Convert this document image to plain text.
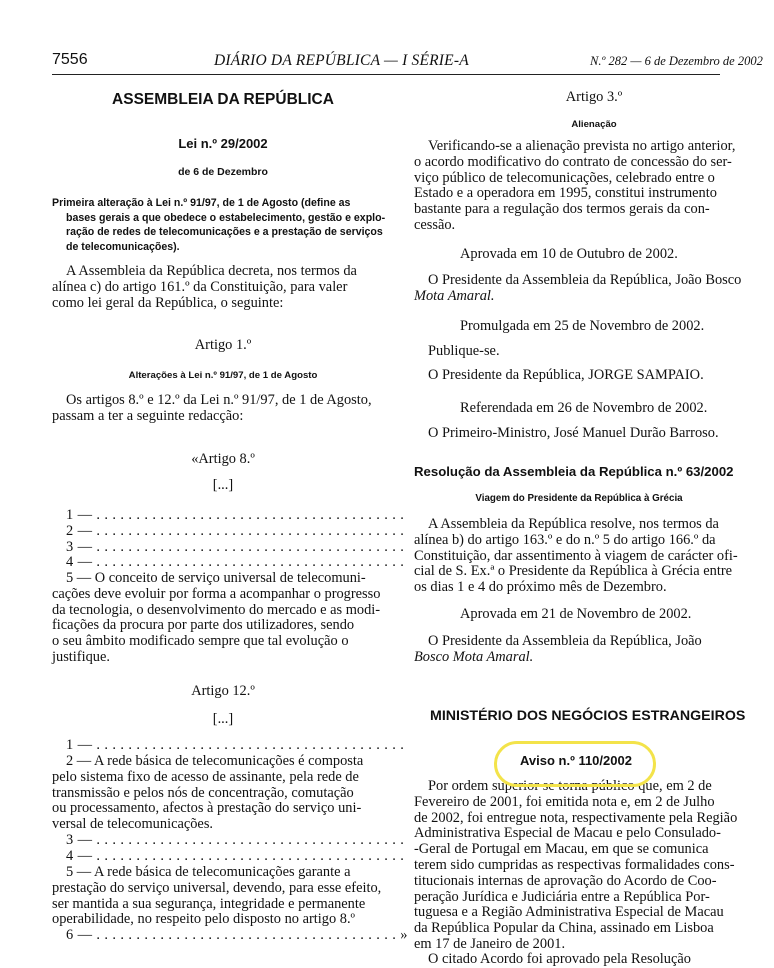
7556	DIÁRIO DA REPÚBLICA — I SÉRIE-A	N.º 282 — 6 de Dezembro de 2002
ASSEMBLEIA DA REPÚBLICA
Lei n.º 29/2002
de 6 de Dezembro
Primeira alteração à Lei n.º 91/97, de 1 de Agosto (define as
bases gerais a que obedece o estabelecimento, gestão e explo-
ração de redes de telecomunicações e a prestação de serviços
de telecomunicações).
A Assembleia da República decreta, nos termos da
alínea c) do artigo 161.º da Constituição, para valer
como lei geral da República, o seguinte:
Artigo 1.º
Alterações à Lei n.º 91/97, de 1 de Agosto
Os artigos 8.º e 12.º da Lei n.º 91/97, de 1 de Agosto,
passam a ter a seguinte redacção:
«Artigo 8.º
[...]
1 — . . . . . . . . . . . . . . . . . . . . . . . . . . . . . . . . . . . . . . .
2 — . . . . . . . . . . . . . . . . . . . . . . . . . . . . . . . . . . . . . . .
3 — . . . . . . . . . . . . . . . . . . . . . . . . . . . . . . . . . . . . . . .
4 — . . . . . . . . . . . . . . . . . . . . . . . . . . . . . . . . . . . . . . .
5 — O conceito de serviço universal de telecomuni-
cações deve evoluir por forma a acompanhar o progresso
da tecnologia, o desenvolvimento do mercado e as modi-
ficações da procura por parte dos utilizadores, sendo
o seu âmbito modificado sempre que tal evolução o
justifique.
Artigo 12.º
[...]
1 — . . . . . . . . . . . . . . . . . . . . . . . . . . . . . . . . . . . . . . .
2 — A rede básica de telecomunicações é composta
pelo sistema fixo de acesso de assinante, pela rede de
transmissão e pelos nós de concentração, comutação
ou processamento, afectos à prestação do serviço uni-
versal de telecomunicações.
3 — . . . . . . . . . . . . . . . . . . . . . . . . . . . . . . . . . . . . . . .
4 — . . . . . . . . . . . . . . . . . . . . . . . . . . . . . . . . . . . . . . .
5 — A rede básica de telecomunicações garante a
prestação do serviço universal, devendo, para esse efeito,
ser mantida a sua segurança, integridade e permanente
operabilidade, no respeito pelo disposto no artigo 8.º
6 — . . . . . . . . . . . . . . . . . . . . . . . . . . . . . . . . . . . . . . »
Artigo 3.º
Alienação
Verificando-se a alienação prevista no artigo anterior,
o acordo modificativo do contrato de concessão do ser-
viço público de telecomunicações, celebrado entre o
Estado e a operadora em 1995, constitui instrumento
bastante para a regulação dos termos gerais da con-
cessão.
Aprovada em 10 de Outubro de 2002.
O Presidente da Assembleia da República, João Bosco
Mota Amaral.
Promulgada em 25 de Novembro de 2002.
Publique-se.
O Presidente da República, JORGE SAMPAIO.
Referendada em 26 de Novembro de 2002.
O Primeiro-Ministro, José Manuel Durão Barroso.
Resolução da Assembleia da República n.º 63/2002
Viagem do Presidente da República à Grécia
A Assembleia da República resolve, nos termos da
alínea b) do artigo 163.º e do n.º 5 do artigo 166.º da
Constituição, dar assentimento à viagem de carácter ofi-
cial de S. Ex.ª o Presidente da República à Grécia entre
os dias 1 e 4 do próximo mês de Dezembro.
Aprovada em 21 de Novembro de 2002.
O Presidente da Assembleia da República, João
Bosco Mota Amaral.
MINISTÉRIO DOS NEGÓCIOS ESTRANGEIROS
Aviso n.º 110/2002
Por ordem superior se torna público que, em 2 de
Fevereiro de 2001, foi emitida nota e, em 2 de Julho
de 2002, foi entregue nota, respectivamente pela Região
Administrativa Especial de Macau e pelo Consulado-
-Geral de Portugal em Macau, em que se comunica
terem sido cumpridas as respectivas formalidades cons-
titucionais internas de aprovação do Acordo de Coo-
peração Jurídica e Judiciária entre a República Por-
tuguesa e a Região Administrativa Especial de Macau
da República Popular da China, assinado em Lisboa
em 17 de Janeiro de 2001.
O citado Acordo foi aprovado pela Resolução
